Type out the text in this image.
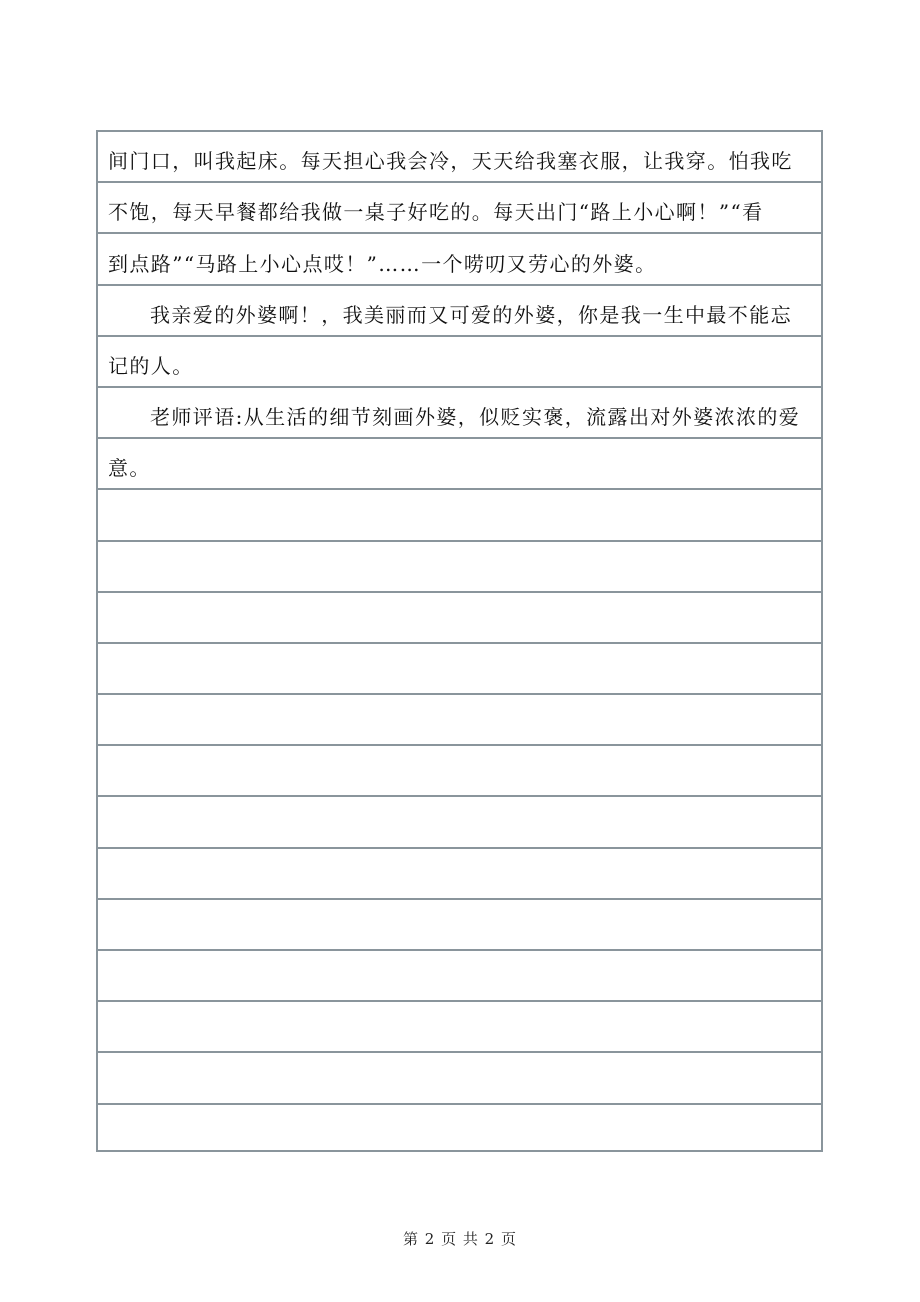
间门口，叫我起床。每天担心我会冷，天天给我塞衣服，让我穿。怕我吃
不饱，每天早餐都给我做一桌子好吃的。每天出门“路上小心啊！”“看
到点路”“马路上小心点哎！”……一个唠叨又劳心的外婆。
我亲爱的外婆啊！，我美丽而又可爱的外婆，你是我一生中最不能忘
记的人。
老师评语:从生活的细节刻画外婆，似贬实褒，流露出对外婆浓浓的爱
意。
第 2 页 共 2 页
